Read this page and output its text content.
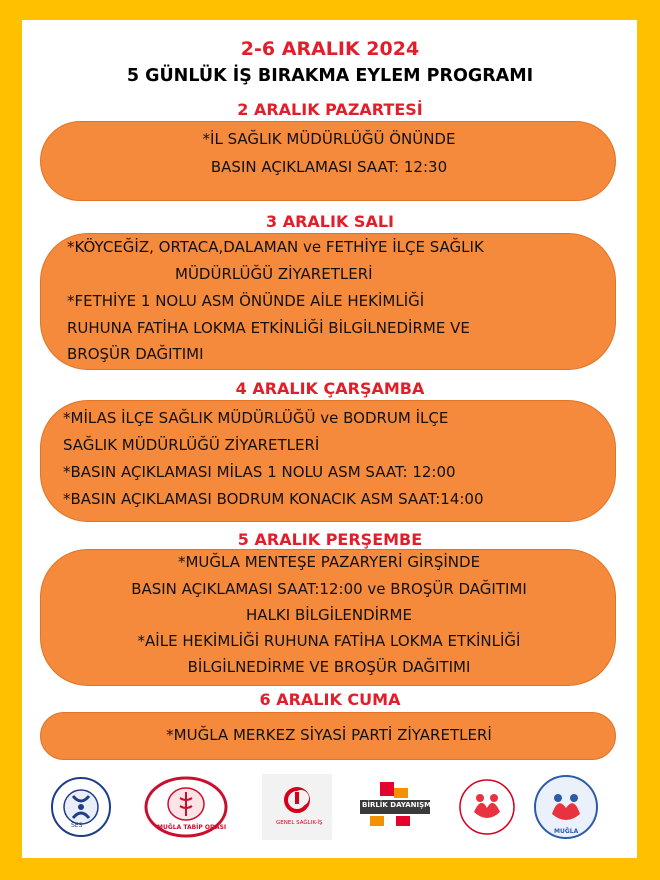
2-6 ARALIK 2024
5 GÜNLÜK İŞ BIRAKMA EYLEM PROGRAMI
2 ARALIK PAZARTESİ
*İL SAĞLIK MÜDÜRLÜĞÜ ÖNÜNDE
BASIN AÇIKLAMASI SAAT: 12:30
3 ARALIK SALI
*KÖYCEĞİZ, ORTACA,DALAMAN ve FETHİYE İLÇE SAĞLIK
MÜDÜRLÜĞÜ ZİYARETLERİ
*FETHİYE 1 NOLU ASM ÖNÜNDE AİLE HEKİMLİĞİ
RUHUNA FATİHA LOKMA ETKİNLİĞİ BİLGİLNEDİRME VE
BROŞÜR DAĞITIMI
4 ARALIK ÇARŞAMBA
*MİLAS İLÇE SAĞLIK MÜDÜRLÜĞÜ ve BODRUM İLÇE
SAĞLIK MÜDÜRLÜĞÜ ZİYARETLERİ
*BASIN AÇIKLAMASI MİLAS 1 NOLU ASM SAAT: 12:00
*BASIN AÇIKLAMASI BODRUM KONACIK ASM SAAT:14:00
5 ARALIK PERŞEMBE
*MUĞLA MENTEŞE PAZARYERİ GİRŞİNDE
BASIN AÇIKLAMASI SAAT:12:00 ve BROŞÜR DAĞITIMI
HALKI BİLGİLENDİRME
*AİLE HEKİMLİĞİ RUHUNA FATİHA LOKMA ETKİNLİĞİ
BİLGİLNEDİRME VE BROŞÜR DAĞITIMI
6 ARALIK CUMA
*MUĞLA MERKEZ SİYASİ PARTİ ZİYARETLERİ
SES	MUĞLA TABİP ODASI
GENEL SAĞLIK-İŞ
BİRLİK DAYANIŞMA
MUĞLA
